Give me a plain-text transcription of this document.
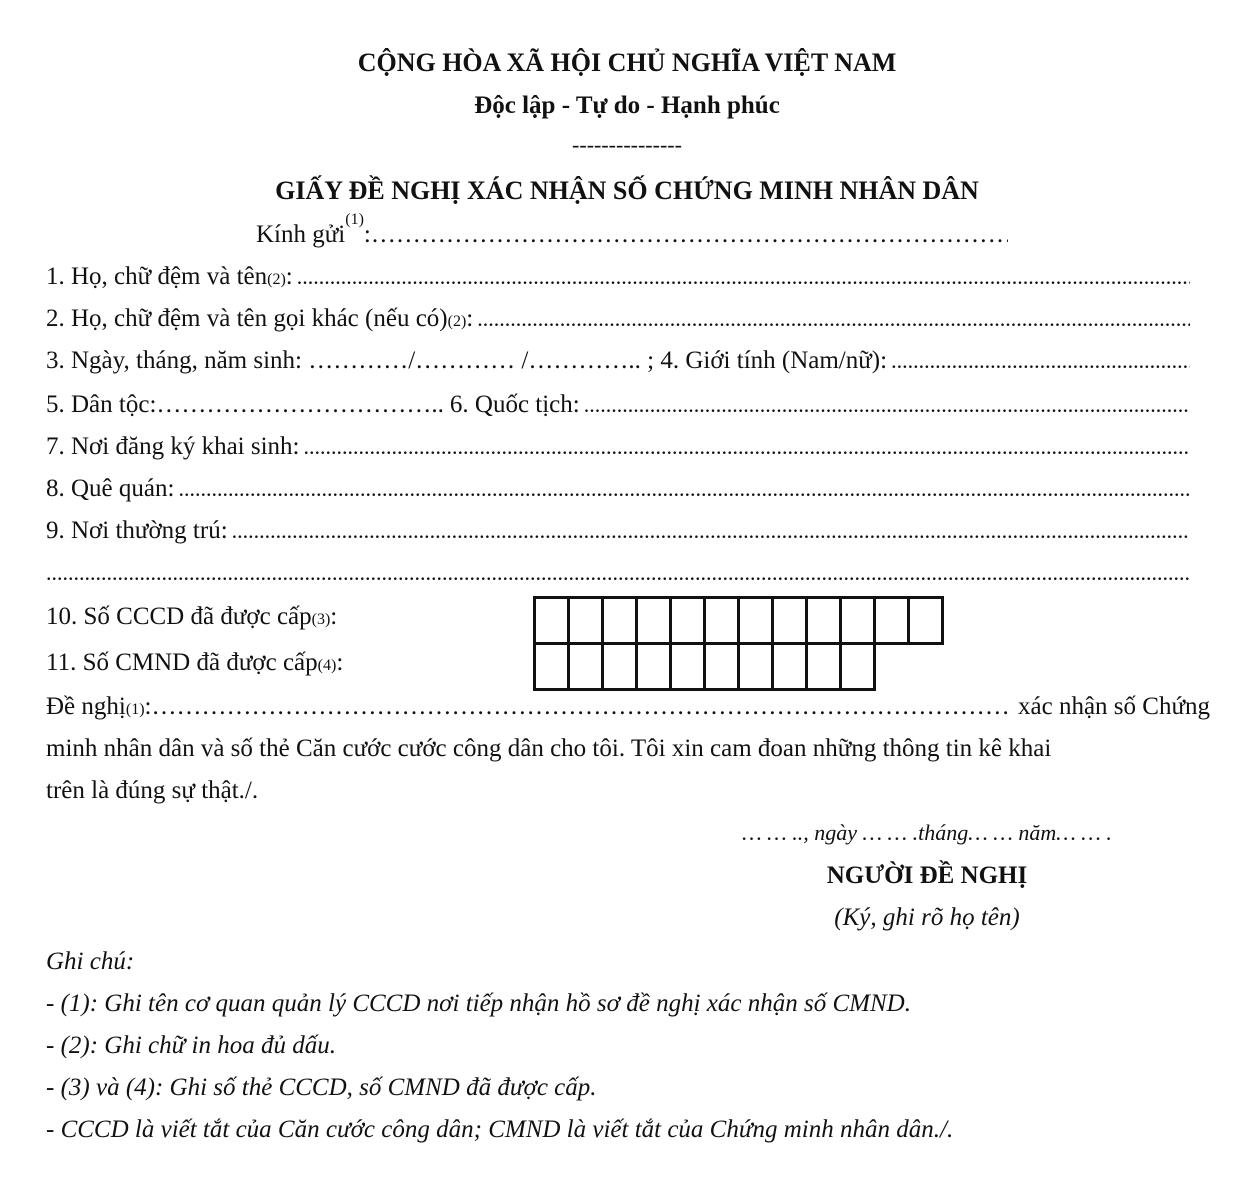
CỘNG HÒA XÃ HỘI CHỦ NGHĨA VIỆT NAM
Độc lập - Tự do - Hạnh phúc
---------------
GIẤY ĐỀ NGHỊ XÁC NHẬN SỐ CHỨNG MINH NHÂN DÂN
Kính gửi
(1)
:
………………………………………………………………………………………………………………………………………………………………………………………………………
1. Họ, chữ đệm và tên (2) :
.....
2. Họ, chữ đệm và tên gọi khác (nếu có) (2) :
.....
3. Ngày, tháng, năm sinh: …………/………… /………….. ; 4. Giới tính (Nam/nữ):
.....
5. Dân tộc: …………………………….. 6. Quốc tịch:
.....
7. Nơi đăng ký khai sinh:
.....
8. Quê quán:
.....
9. Nơi thường trú:
.....
.....
10. Số CCCD đã được cấp (3) :
11. Số CMND đã được cấp (4) :
Đề nghị (1) :
………………………………………………………………………………………………………………………………………………………………………………………………………	xác nhận số Chứng
minh nhân dân và số thẻ Căn cước cước công dân cho tôi. Tôi xin cam đoan những thông tin kê khai
trên là đúng sự thật./.
… … .., ngày … … .tháng… … năm… … .
NGƯỜI ĐỀ NGHỊ
(Ký, ghi rõ họ tên)
Ghi chú:
- (1): Ghi tên cơ quan quản lý CCCD nơi tiếp nhận hồ sơ đề nghị xác nhận số CMND.
- (2): Ghi chữ in hoa đủ dấu.
- (3) và (4): Ghi số thẻ CCCD, số CMND đã được cấp.
- CCCD là viết tắt của Căn cước công dân; CMND là viết tắt của Chứng minh nhân dân./.
